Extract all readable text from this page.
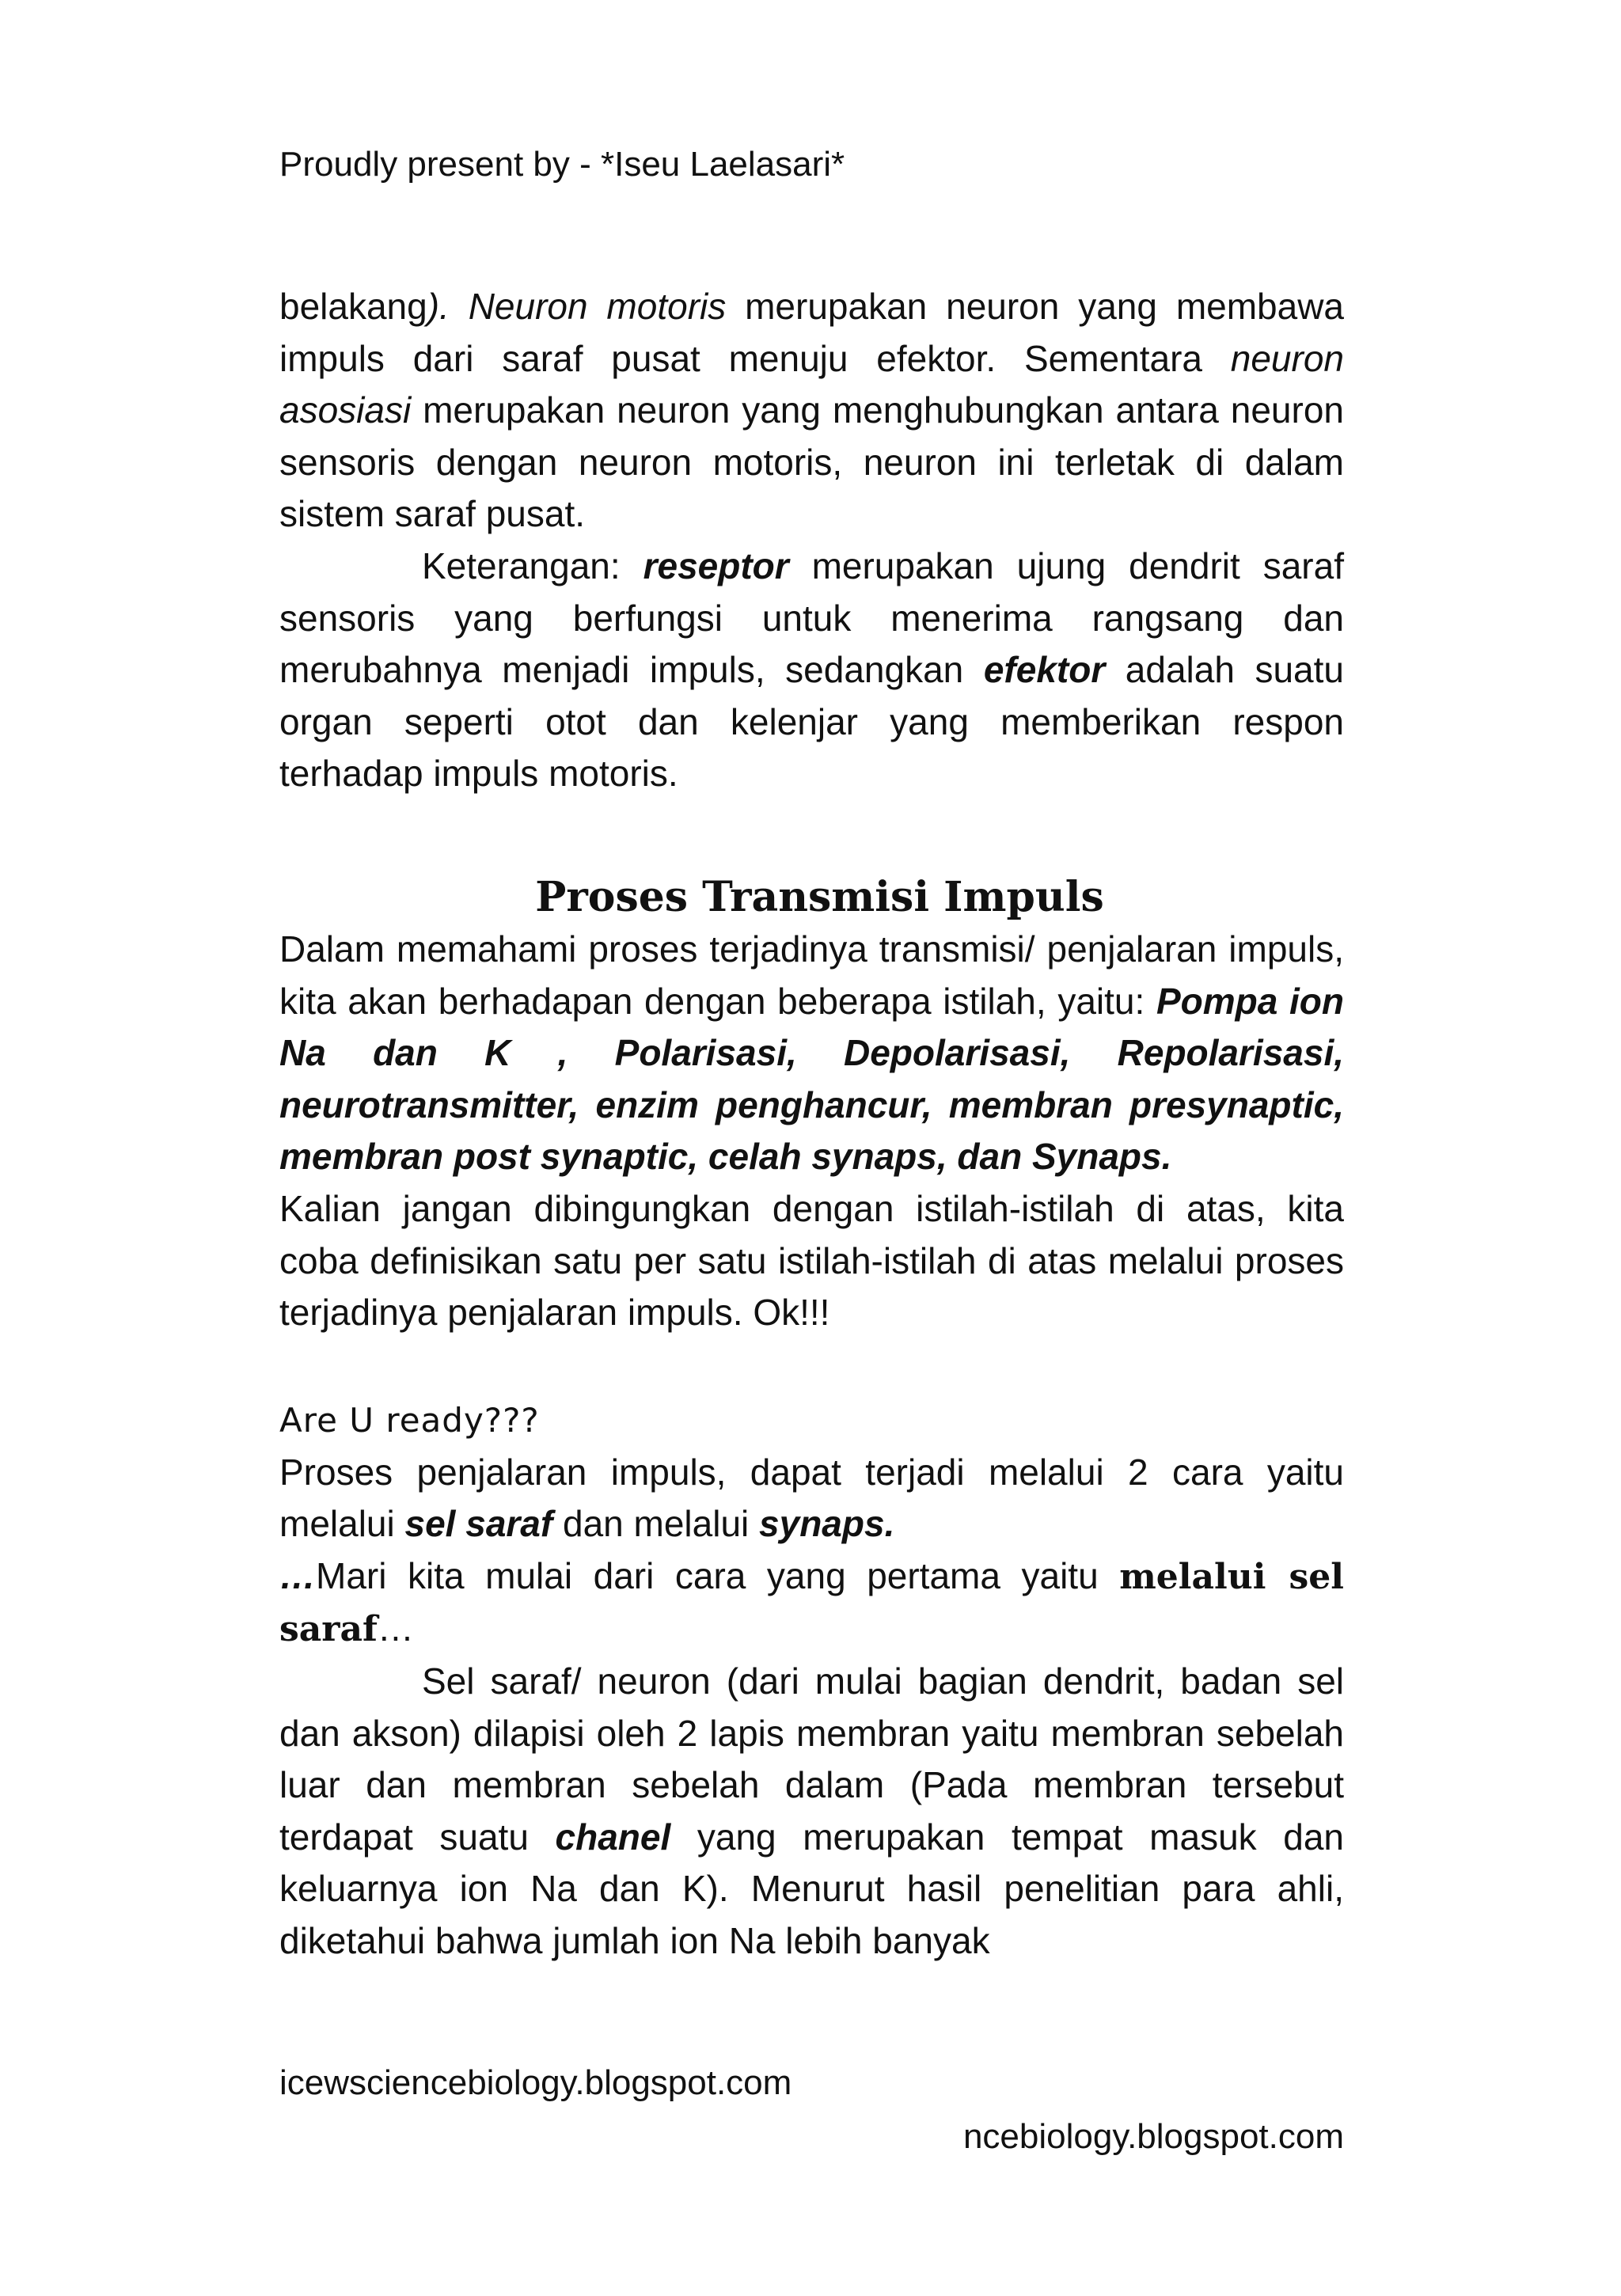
Proudly present by - *Iseu Laelasari*

belakang). Neuron motoris merupakan neuron yang membawa impuls dari saraf pusat menuju efektor. Sementara neuron asosiasi merupakan neuron yang menghubungkan antara neuron sensoris dengan neuron motoris, neuron ini terletak di dalam sistem saraf pusat.

Keterangan: reseptor merupakan ujung dendrit saraf sensoris yang berfungsi untuk menerima rangsang dan merubahnya menjadi impuls, sedangkan efektor adalah suatu organ seperti otot dan kelenjar yang memberikan respon terhadap impuls motoris.

Proses Transmisi Impuls

Dalam memahami proses terjadinya transmisi/ penjalaran impuls, kita akan berhadapan dengan beberapa istilah, yaitu: Pompa ion Na dan K , Polarisasi, Depolarisasi, Repolarisasi, neurotransmitter, enzim penghancur, membran presynaptic, membran post synaptic, celah synaps, dan Synaps.

Kalian jangan dibingungkan dengan istilah-istilah di atas, kita coba definisikan satu per satu istilah-istilah di atas melalui proses terjadinya penjalaran impuls. Ok!!!

Are U ready???

Proses penjalaran impuls, dapat terjadi melalui 2 cara yaitu melalui sel saraf dan melalui synaps.

…Mari kita mulai dari cara yang pertama yaitu melalui sel saraf…

Sel saraf/ neuron (dari mulai bagian dendrit, badan sel dan akson) dilapisi oleh 2 lapis membran yaitu membran sebelah luar dan membran sebelah dalam (Pada membran tersebut terdapat suatu chanel yang merupakan tempat masuk dan keluarnya ion Na dan K). Menurut hasil penelitian para ahli, diketahui bahwa jumlah ion Na lebih banyak

icewsciencebiology.blogspot.com
ncebiology.blogspot.com
